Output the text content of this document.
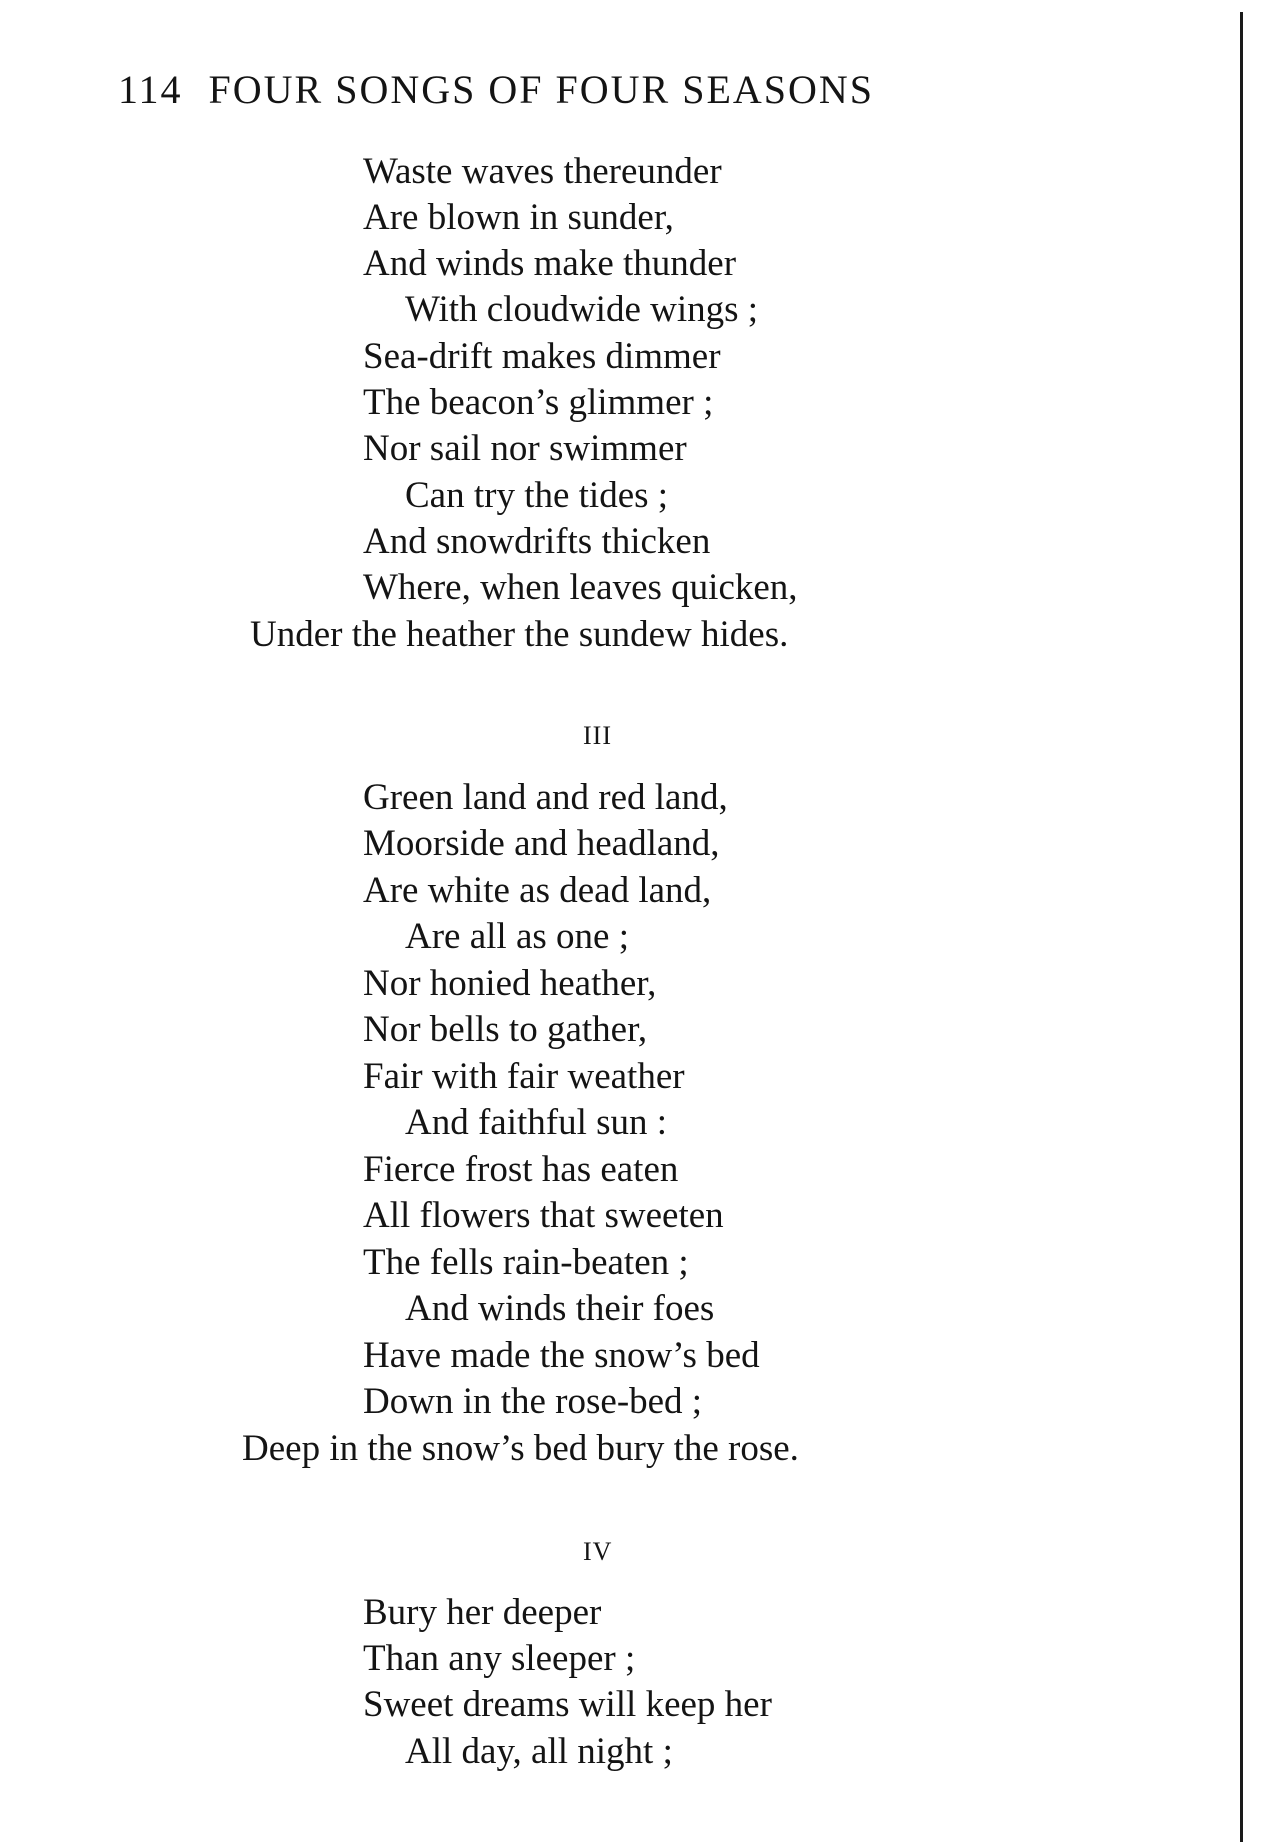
114 FOUR SONGS OF FOUR SEASONS
Waste waves thereunder
Are blown in sunder,
And winds make thunder
With cloudwide wings ;
Sea-drift makes dimmer
The beacon’s glimmer ;
Nor sail nor swimmer
Can try the tides ;
And snowdrifts thicken
Where, when leaves quicken,
Under the heather the sundew hides.
III
Green land and red land,
Moorside and headland,
Are white as dead land,
Are all as one ;
Nor honied heather,
Nor bells to gather,
Fair with fair weather
And faithful sun :
Fierce frost has eaten
All flowers that sweeten
The fells rain-beaten ;
And winds their foes
Have made the snow’s bed
Down in the rose-bed ;
Deep in the snow’s bed bury the rose.
IV
Bury her deeper
Than any sleeper ;
Sweet dreams will keep her
All day, all night ;
